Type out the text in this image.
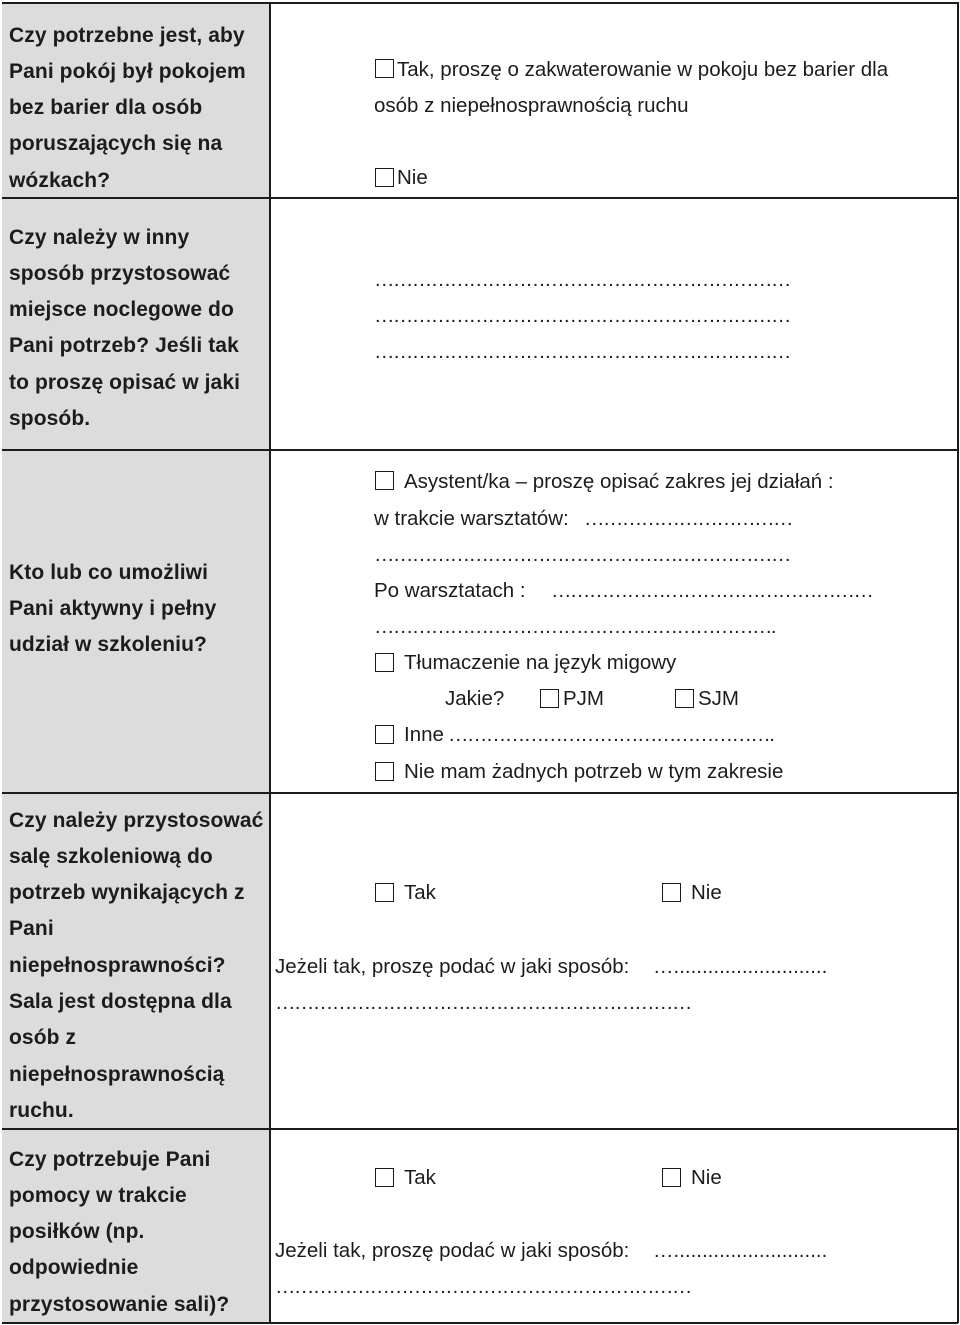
Czy potrzebne jest, aby Pani pokój był pokojem bez barier dla osób poruszających się na wózkach?
Tak, proszę o zakwaterowanie w pokoju bez barier dla
osób z niepełnosprawnością ruchu
Nie
Czy należy w inny sposób przystosować miejsce noclegowe do Pani potrzeb? Jeśli tak to proszę opisać w jaki sposób.
…………………………………………………………
…………………………………………………………
…………………………………………………………
Kto lub co umożliwi Pani aktywny i pełny udział w szkoleniu?
Asystent/ka – proszę opisać zakres jej działań :
w trakcie warsztatów: ……………………………
…………………………………………………………
Po warsztatach : ……………………………………………
……………………………………………………….
Tłumaczenie na język migowy
Jakie?	PJM	SJM
Inne …………………………………………….
Nie mam żadnych potrzeb w tym zakresie
Czy należy przystosować salę szkoleniową do potrzeb wynikających z Pani niepełnosprawności? Sala jest dostępna dla osób z niepełnosprawnością ruchu.
Tak	Nie
Jeżeli tak, proszę podać w jaki sposób: …...........................
…………………………………………………………
Czy potrzebuje Pani pomocy w trakcie posiłków (np. odpowiednie przystosowanie sali)?
Tak	Nie
Jeżeli tak, proszę podać w jaki sposób: …...........................
…………………………………………………………
